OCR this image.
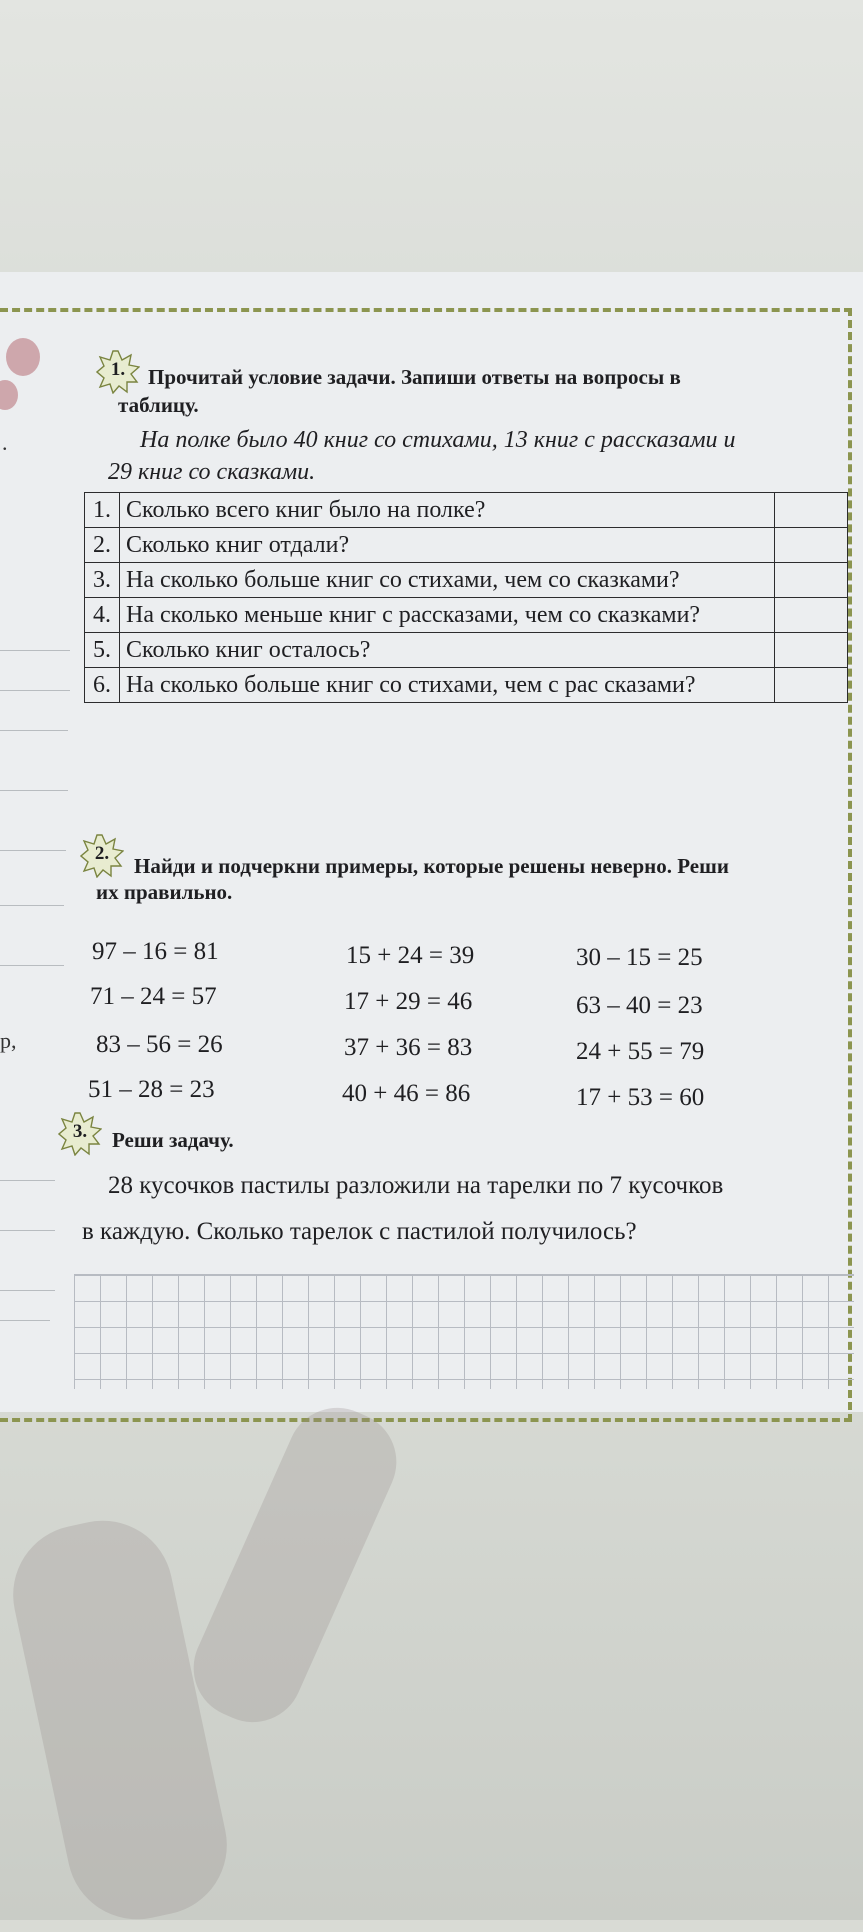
.
р,
1.	Прочитай условие задачи. Запиши ответы на вопросы в
таблицу.
На полке было 40 книг со стихами, 13 книг с рассказами и
29 книг со сказками.
1.	Сколько всего книг было на полке?	
2.	Сколько книг отдали?	
3.	На сколько больше книг со стихами, чем со сказками?	
4.	На сколько меньше книг с рассказами, чем со сказками?	
5.	Сколько книг осталось?	
6.	На сколько больше книг со стихами, чем с рас сказами?	
2.
Найди и подчеркни примеры, которые решены неверно. Реши
их правильно.
97 – 16 = 81
71 – 24 = 57
83 – 56 = 26
51 – 28 = 23
15 + 24 = 39
17 + 29 = 46
37 + 36 = 83
40 + 46 = 86
30 – 15 = 25
63 – 40 = 23
24 + 55 = 79
17 + 53 = 60
3.	Реши задачу.
28 кусочков пастилы разложили на тарелки по 7 кусочков
в каждую. Сколько тарелок с пастилой получилось?
